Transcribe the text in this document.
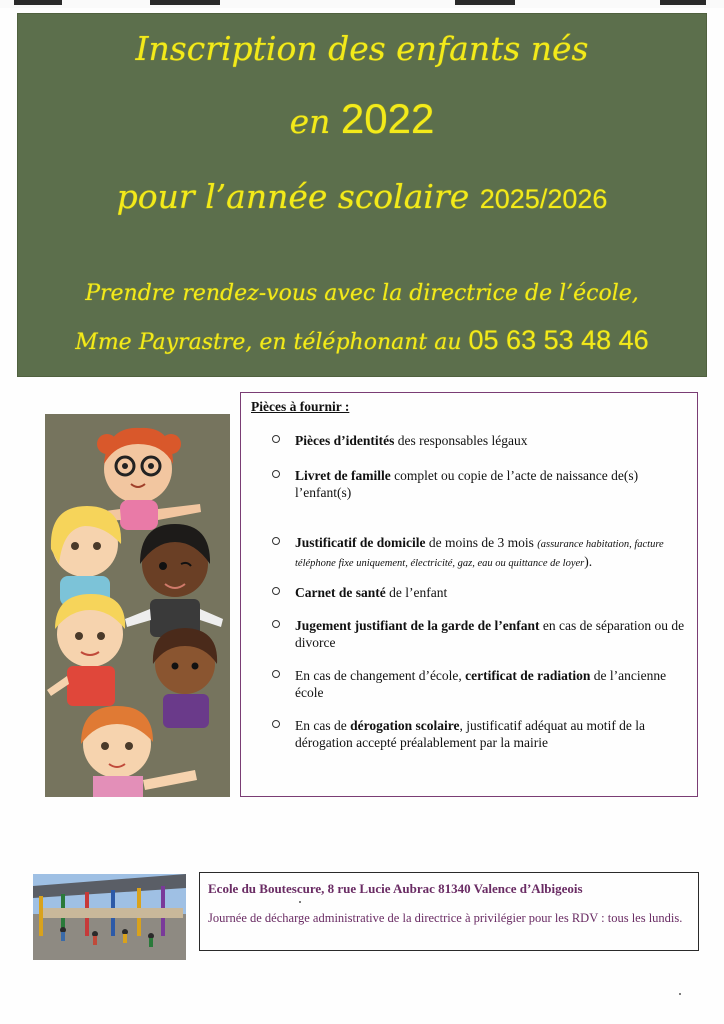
Inscription des enfants nés
en 2022
pour l’année scolaire 2025/2026
Prendre rendez-vous avec la directrice de l’école,
Mme Payrastre, en téléphonant au 05 63 53 48 46
Pièces à fournir :
Pièces d’identités des responsables légaux
Livret de famille complet ou copie de l’acte de naissance de(s) l’enfant(s)
Justificatif de domicile de moins de 3 mois (assurance habitation, facture téléphone fixe uniquement, électricité, gaz, eau ou quittance de loyer).
Carnet de santé de l’enfant
Jugement justifiant de la garde de l’enfant en cas de séparation ou de divorce
En cas de changement d’école, certificat de radiation de l’ancienne école
En cas de dérogation scolaire, justificatif adéquat au motif de la dérogation accepté préalablement par la mairie
Ecole du Boutescure, 8 rue Lucie Aubrac 81340 Valence d’Albigeois
Journée de décharge administrative de la directrice à privilégier pour les RDV : tous les lundis.
